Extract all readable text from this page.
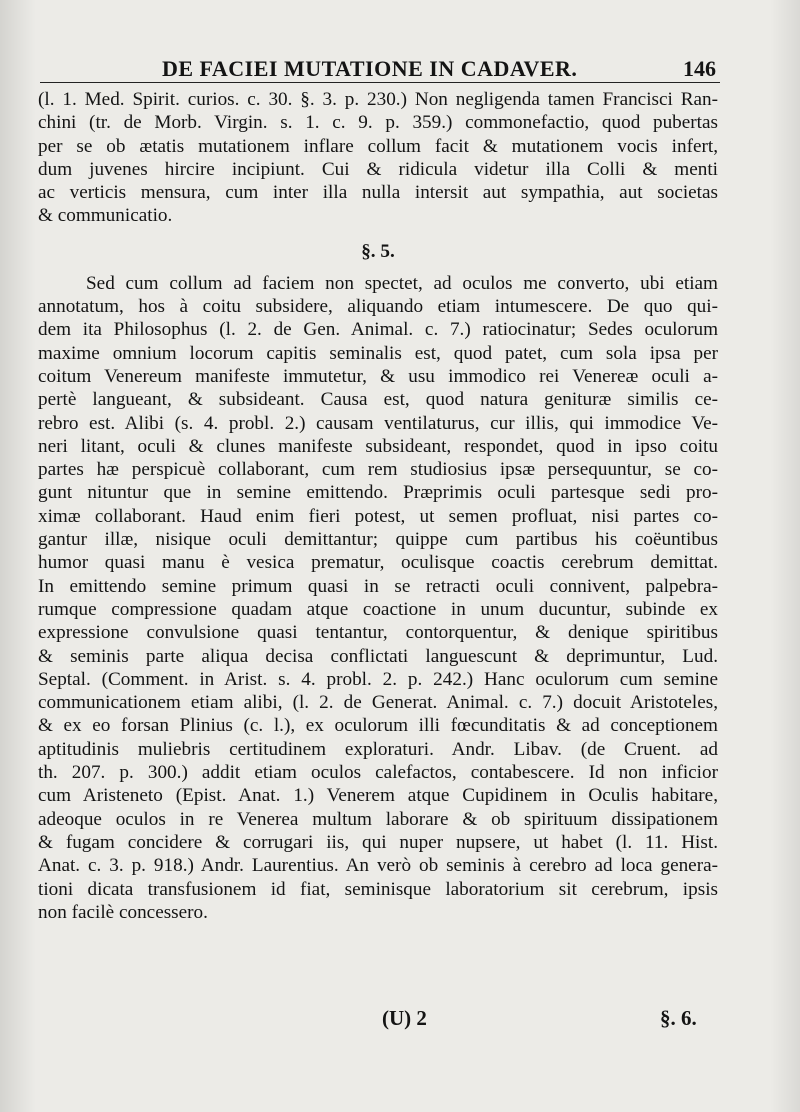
DE FACIEI MUTATIONE IN CADAVER.	146
(l. 1. Med. Spirit. curios. c. 30. §. 3. p. 230.) Non negligenda tamen Francisci Ran-
chini (tr. de Morb. Virgin. s. 1. c. 9. p. 359.) commonefactio, quod pubertas
per se ob ætatis mutationem inflare collum facit & mutationem vocis infert,
dum juvenes hircire incipiunt. Cui & ridicula videtur illa Colli & menti
ac verticis mensura, cum inter illa nulla intersit aut sympathia, aut societas
& communicatio.
§. 5.
Sed cum collum ad faciem non spectet, ad oculos me converto, ubi etiam
annotatum, hos à coitu subsidere, aliquando etiam intumescere. De quo qui-
dem ita Philosophus (l. 2. de Gen. Animal. c. 7.) ratiocinatur; Sedes oculorum
maxime omnium locorum capitis seminalis est, quod patet, cum sola ipsa per
coitum Venereum manifeste immutetur, & usu immodico rei Venereæ oculi a-
pertè langueant, & subsideant. Causa est, quod natura genituræ similis ce-
rebro est. Alibi (s. 4. probl. 2.) causam ventilaturus, cur illis, qui immodice Ve-
neri litant, oculi & clunes manifeste subsideant, respondet, quod in ipso coitu
partes hæ perspicuè collaborant, cum rem studiosius ipsæ persequuntur, se co-
gunt nituntur que in semine emittendo. Præprimis oculi partesque sedi pro-
ximæ collaborant. Haud enim fieri potest, ut semen profluat, nisi partes co-
gantur illæ, nisique oculi demittantur; quippe cum partibus his coëuntibus
humor quasi manu è vesica prematur, oculisque coactis cerebrum demittat.
In emittendo semine primum quasi in se retracti oculi connivent, palpebra-
rumque compressione quadam atque coactione in unum ducuntur, subinde ex
expressione convulsione quasi tentantur, contorquentur, & denique spiritibus
& seminis parte aliqua decisa conflictati languescunt & deprimuntur, Lud.
Septal. (Comment. in Arist. s. 4. probl. 2. p. 242.) Hanc oculorum cum semine
communicationem etiam alibi, (l. 2. de Generat. Animal. c. 7.) docuit Aristoteles,
& ex eo forsan Plinius (c. l.), ex oculorum illi fœcunditatis & ad conceptionem
aptitudinis muliebris certitudinem exploraturi. Andr. Libav. (de Cruent. ad
th. 207. p. 300.) addit etiam oculos calefactos, contabescere. Id non inficior
cum Aristeneto (Epist. Anat. 1.) Venerem atque Cupidinem in Oculis habitare,
adeoque oculos in re Venerea multum laborare & ob spirituum dissipationem
& fugam concidere & corrugari iis, qui nuper nupsere, ut habet (l. 11. Hist.
Anat. c. 3. p. 918.) Andr. Laurentius. An verò ob seminis à cerebro ad loca genera-
tioni dicata transfusionem id fiat, seminisque laboratorium sit cerebrum, ipsis
non facilè concessero.
(U) 2	§. 6.
